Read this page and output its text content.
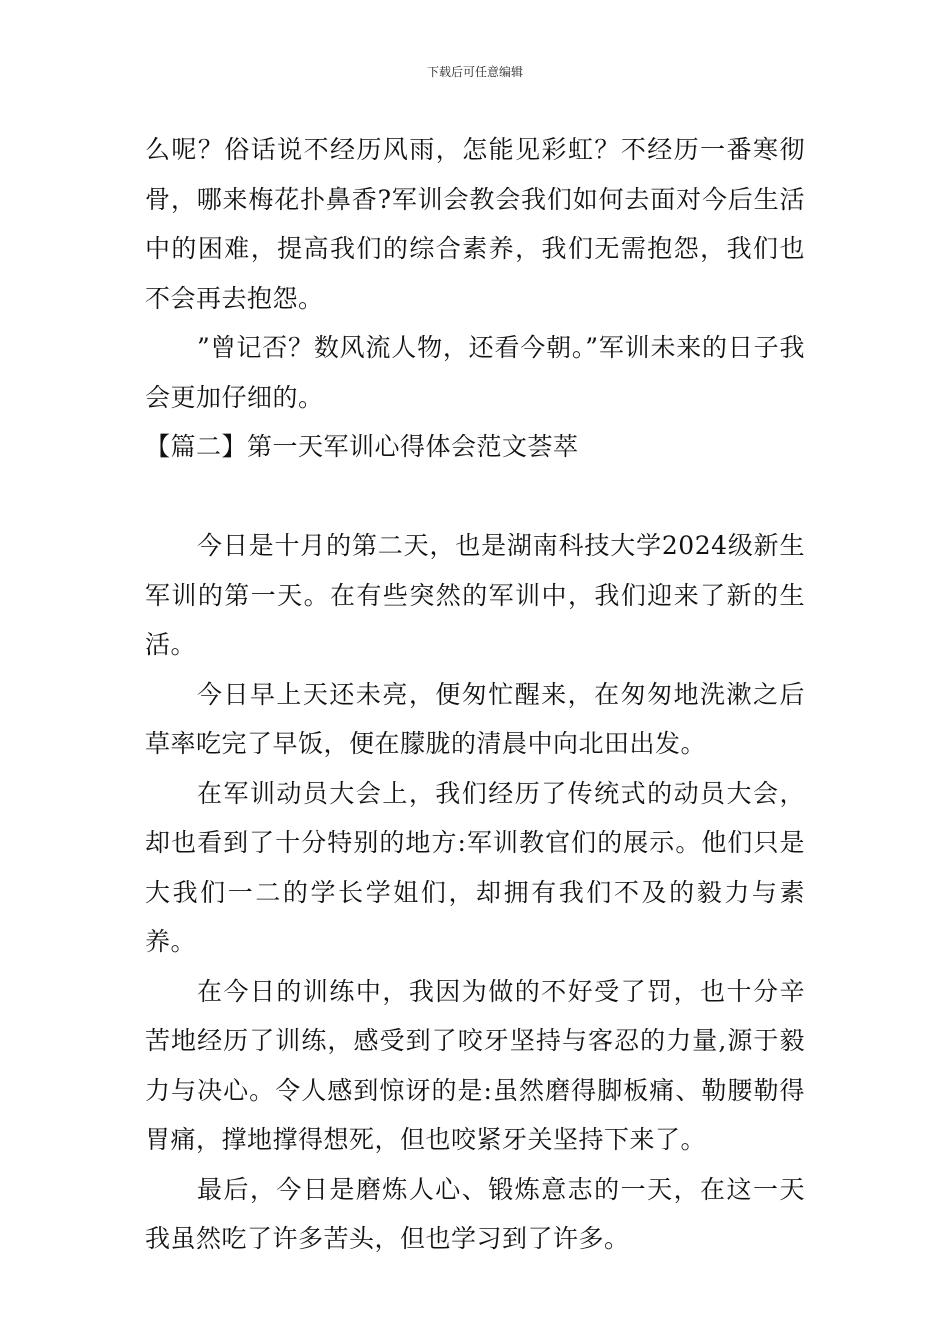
下载后可任意编辑

么呢？俗话说不经历风雨，怎能见彩虹？不经历一番寒彻骨，哪来梅花扑鼻香?军训会教会我们如何去面对今后生活中的困难，提高我们的综合素养，我们无需抱怨，我们也不会再去抱怨。

”曾记否？数风流人物，还看今朝。”军训未来的日子我会更加仔细的。

【篇二】第一天军训心得体会范文荟萃

今日是十月的第二天，也是湖南科技大学2024级新生军训的第一天。在有些突然的军训中，我们迎来了新的生活。

今日早上天还未亮，便匆忙醒来，在匆匆地洗漱之后草率吃完了早饭，便在朦胧的清晨中向北田出发。

在军训动员大会上，我们经历了传统式的动员大会，却也看到了十分特别的地方:军训教官们的展示。他们只是大我们一二的学长学姐们，却拥有我们不及的毅力与素养。

在今日的训练中，我因为做的不好受了罚，也十分辛苦地经历了训练，感受到了咬牙坚持与客忍的力量,源于毅力与决心。令人感到惊讶的是:虽然磨得脚板痛、勒腰勒得胃痛，撑地撑得想死，但也咬紧牙关坚持下来了。

最后，今日是磨炼人心、锻炼意志的一天，在这一天我虽然吃了许多苦头，但也学习到了许多。
